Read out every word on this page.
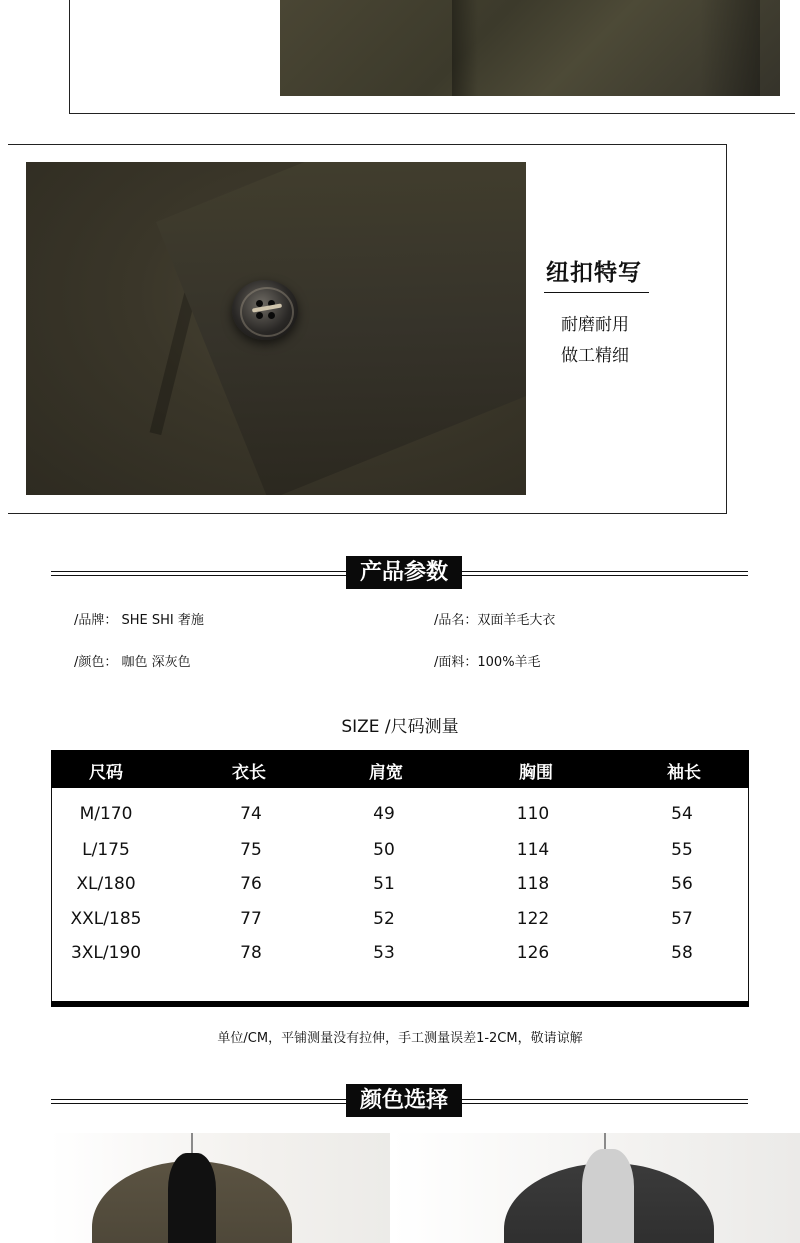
纽扣特写
耐磨耐用
做工精细
产品参数
/品牌： SHE SHI 奢施	/品名：双面羊毛大衣
/颜色： 咖色 深灰色	/面料：100%羊毛
SIZE /尺码测量
尺码	衣长	肩宽	胸围	袖长
M/170	74	49	110	54
L/175	75	50	114	55
XL/180	76	51	118	56
XXL/185	77	52	122	57
3XL/190	78	53	126	58
单位/CM，平铺测量没有拉伸，手工测量误差1-2CM，敬请谅解
颜色选择
